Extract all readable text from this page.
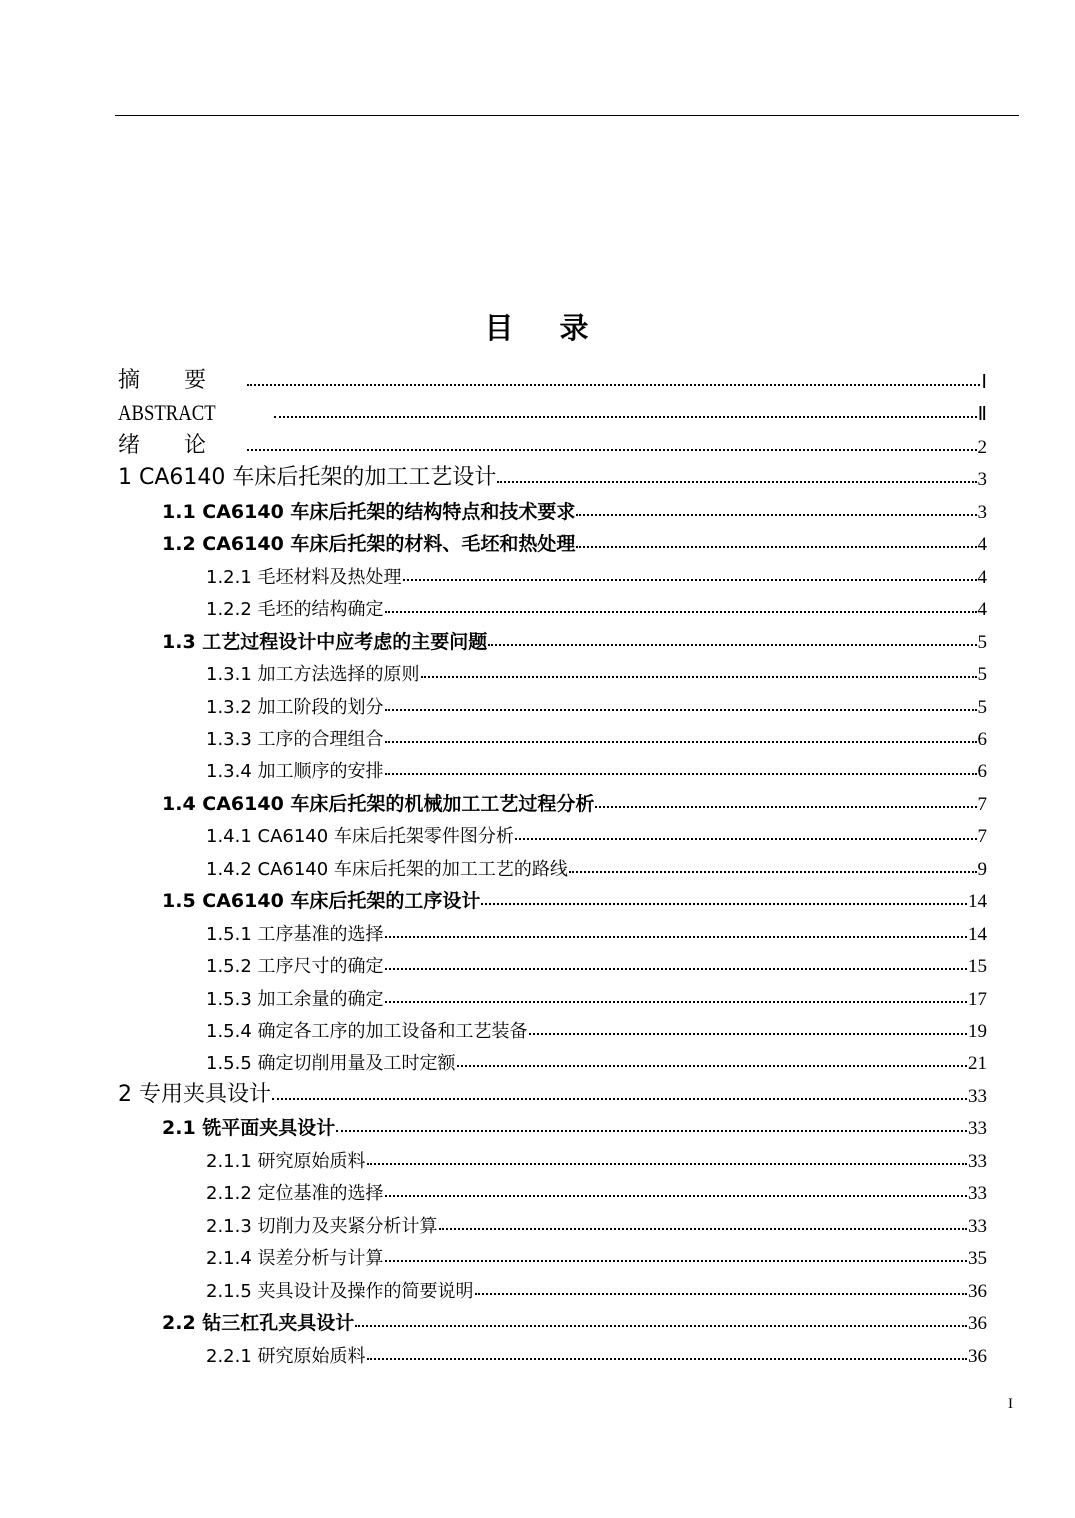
目 录
摘　　要	Ⅰ
ABSTRACT	Ⅱ
绪　　论	2
1 CA6140 车床后托架的加工工艺设计	3
1.1 CA6140 车床后托架的结构特点和技术要求	3
1.2 CA6140 车床后托架的材料、毛坯和热处理	4
1.2.1 毛坯材料及热处理	4
1.2.2 毛坯的结构确定	4
1.3 工艺过程设计中应考虑的主要问题	5
1.3.1 加工方法选择的原则	5
1.3.2 加工阶段的划分	5
1.3.3 工序的合理组合	6
1.3.4 加工顺序的安排	6
1.4 CA6140 车床后托架的机械加工工艺过程分析	7
1.4.1 CA6140 车床后托架零件图分析	7
1.4.2 CA6140 车床后托架的加工工艺的路线	9
1.5 CA6140 车床后托架的工序设计	14
1.5.1 工序基准的选择	14
1.5.2 工序尺寸的确定	15
1.5.3 加工余量的确定	17
1.5.4 确定各工序的加工设备和工艺装备	19
1.5.5 确定切削用量及工时定额	21
2 专用夹具设计	33
2.1 铣平面夹具设计	33
2.1.1 研究原始质料	33
2.1.2 定位基准的选择	33
2.1.3 切削力及夹紧分析计算	33
2.1.4 误差分析与计算	35
2.1.5 夹具设计及操作的简要说明	36
2.2 钻三杠孔夹具设计	36
2.2.1 研究原始质料	36
I
